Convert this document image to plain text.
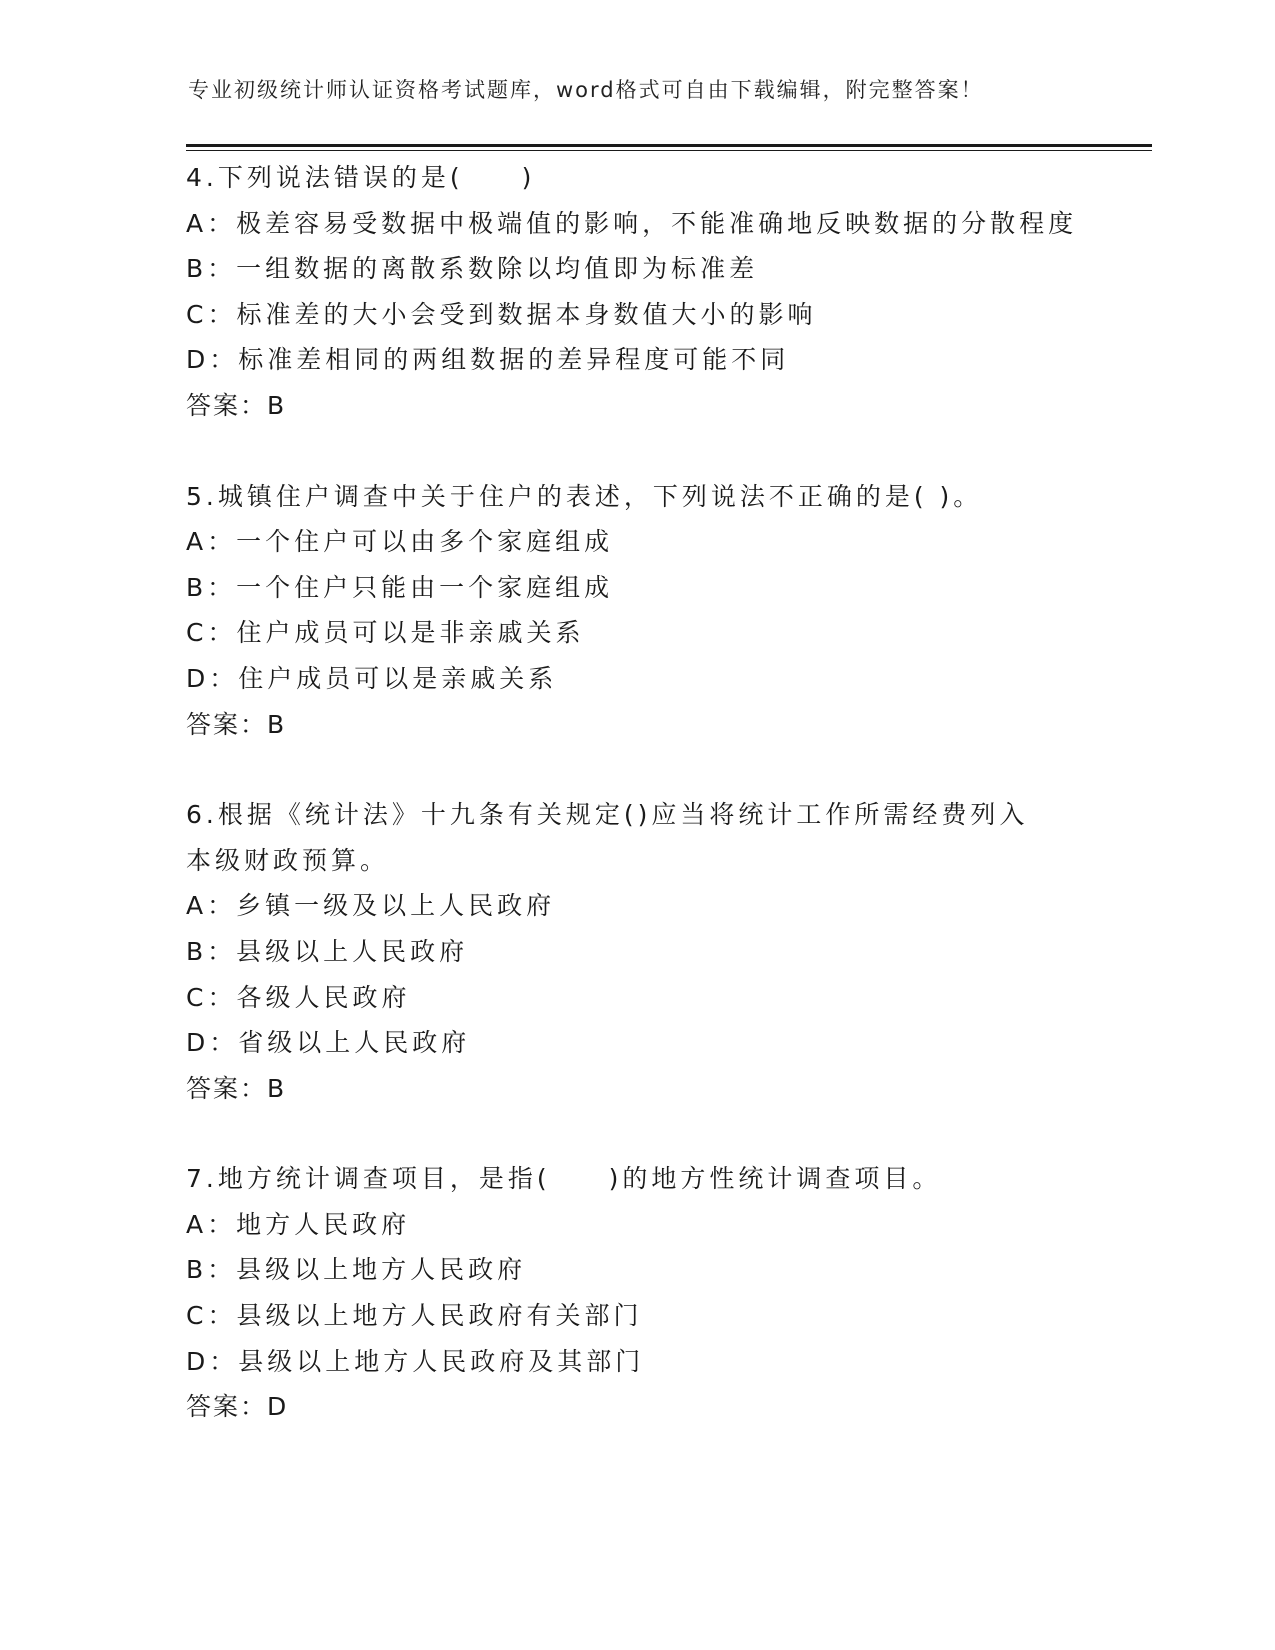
专业初级统计师认证资格考试题库，word格式可自由下载编辑，附完整答案！
4.下列说法错误的是(　　)
A：极差容易受数据中极端值的影响，不能准确地反映数据的分散程度
B：一组数据的离散系数除以均值即为标准差
C：标准差的大小会受到数据本身数值大小的影响
D：标准差相同的两组数据的差异程度可能不同
答案：B
5.城镇住户调查中关于住户的表述，下列说法不正确的是( )。
A：一个住户可以由多个家庭组成
B：一个住户只能由一个家庭组成
C：住户成员可以是非亲戚关系
D：住户成员可以是亲戚关系
答案：B
6.根据《统计法》十九条有关规定()应当将统计工作所需经费列入本级财政预算。
A：乡镇一级及以上人民政府
B：县级以上人民政府
C：各级人民政府
D：省级以上人民政府
答案：B
7.地方统计调查项目，是指(　　)的地方性统计调查项目。
A：地方人民政府
B：县级以上地方人民政府
C：县级以上地方人民政府有关部门
D：县级以上地方人民政府及其部门
答案：D
